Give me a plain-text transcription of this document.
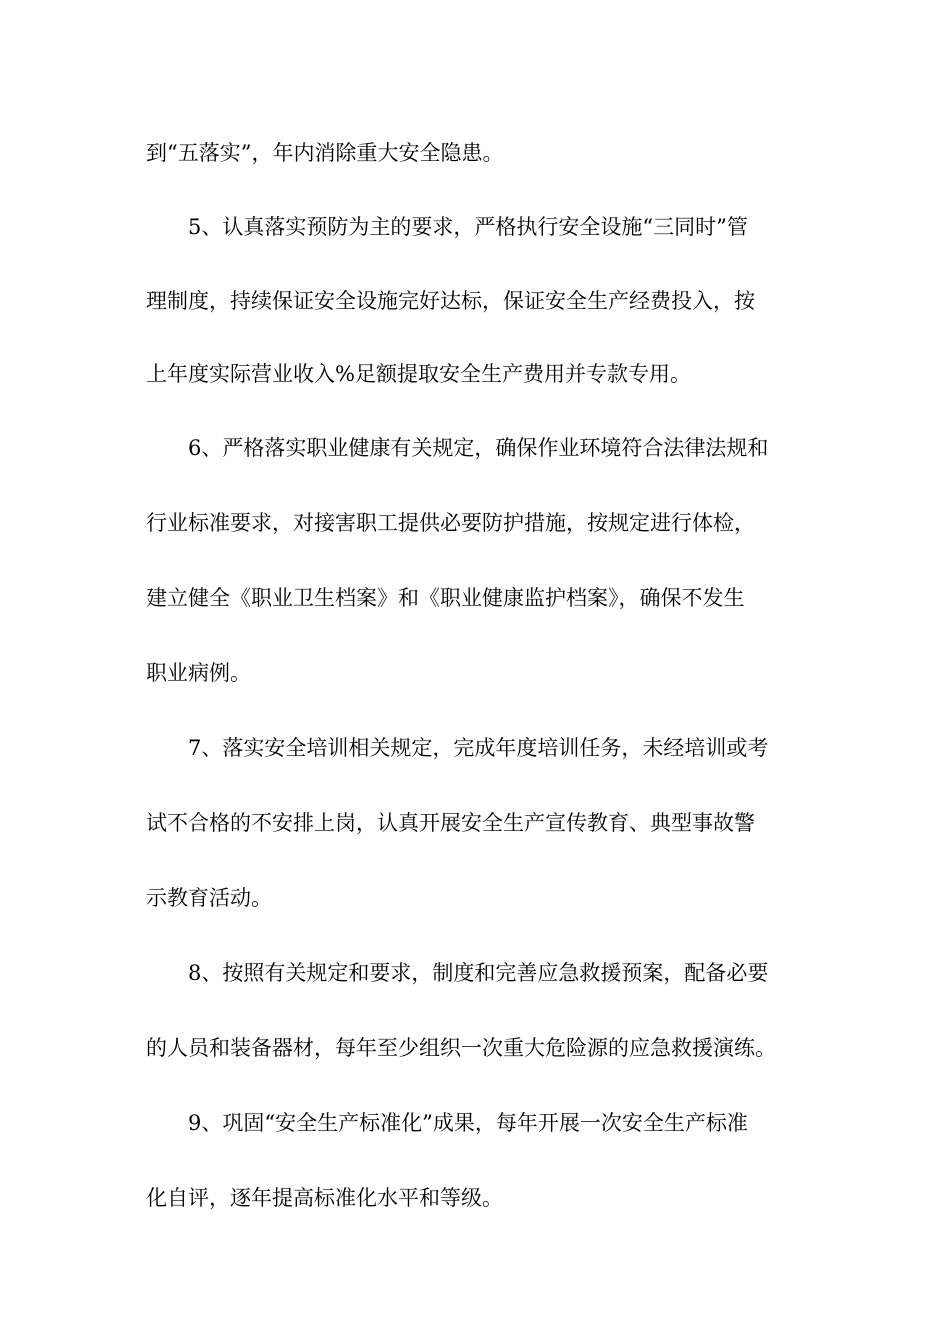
到“五落实”，年内消除重大安全隐患。
5、认真落实预防为主的要求，严格执行安全设施“三同时”管
理制度，持续保证安全设施完好达标，保证安全生产经费投入，按
上年度实际营业收入%足额提取安全生产费用并专款专用。
6、严格落实职业健康有关规定，确保作业环境符合法律法规和
行业标准要求，对接害职工提供必要防护措施，按规定进行体检，
建立健全《职业卫生档案》和《职业健康监护档案》，确保不发生
职业病例。
7、落实安全培训相关规定，完成年度培训任务，未经培训或考
试不合格的不安排上岗，认真开展安全生产宣传教育、典型事故警
示教育活动。
8、按照有关规定和要求，制度和完善应急救援预案，配备必要
的人员和装备器材，每年至少组织一次重大危险源的应急救援演练。
9、巩固“安全生产标准化”成果，每年开展一次安全生产标准
化自评，逐年提高标准化水平和等级。
